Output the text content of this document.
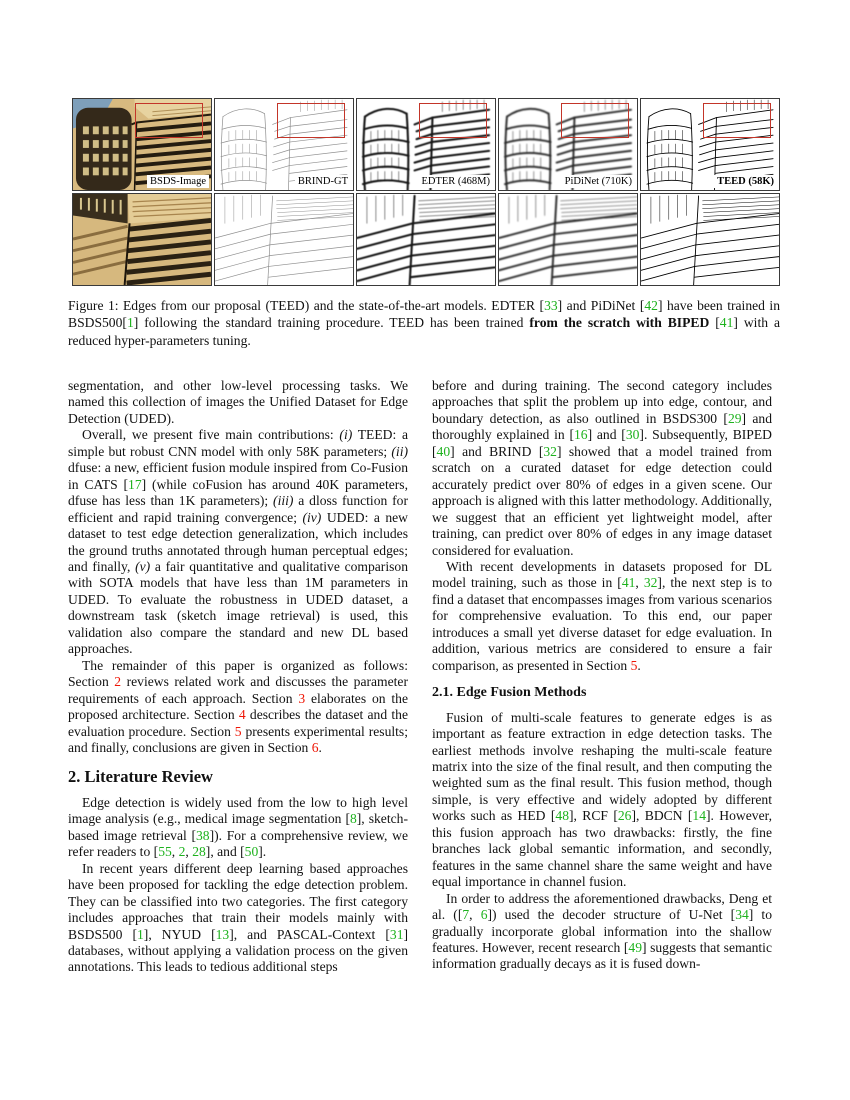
BSDS-Image	BRIND-GT	EDTER (468M)	PiDiNet (710K)	TEED (58K)
Figure 1: Edges from our proposal (TEED) and the state-of-the-art models. EDTER [33] and PiDiNet [42] have been trained in BSDS500[1] following the standard training procedure. TEED has been trained from the scratch with BIPED [41] with a reduced hyper-parameters tuning.

segmentation, and other low-level processing tasks. We named this collection of images the Unified Dataset for Edge Detection (UDED).

Overall, we present five main contributions: (i) TEED: a simple but robust CNN model with only 58K parameters; (ii) dfuse: a new, efficient fusion module inspired from Co-Fusion in CATS [17] (while coFusion has around 40K parameters, dfuse has less than 1K parameters); (iii) a dloss function for efficient and rapid training convergence; (iv) UDED: a new dataset to test edge detection generalization, which includes the ground truths annotated through human perceptual edges; and finally, (v) a fair quantitative and qualitative comparison with SOTA models that have less than 1M parameters in UDED. To evaluate the robustness in UDED dataset, a downstream task (sketch image retrieval) is used, this validation also compare the standard and new DL based approaches.

The remainder of this paper is organized as follows: Section 2 reviews related work and discusses the parameter requirements of each approach. Section 3 elaborates on the proposed architecture. Section 4 describes the dataset and the evaluation procedure. Section 5 presents experimental results; and finally, conclusions are given in Section 6.

2. Literature Review

Edge detection is widely used from the low to high level image analysis (e.g., medical image segmentation [8], sketch-based image retrieval [38]). For a comprehensive review, we refer readers to [55, 2, 28], and [50].

In recent years different deep learning based approaches have been proposed for tackling the edge detection problem. They can be classified into two categories. The first category includes approaches that train their models mainly with BSDS500 [1], NYUD [13], and PASCAL-Context [31] databases, without applying a validation process on the given annotations. This leads to tedious additional steps

before and during training. The second category includes approaches that split the problem up into edge, contour, and boundary detection, as also outlined in BSDS300 [29] and thoroughly explained in [16] and [30]. Subsequently, BIPED [40] and BRIND [32] showed that a model trained from scratch on a curated dataset for edge detection could accurately predict over 80% of edges in a given scene. Our approach is aligned with this latter methodology. Additionally, we suggest that an efficient yet lightweight model, after training, can predict over 80% of edges in any image dataset considered for evaluation.

With recent developments in datasets proposed for DL model training, such as those in [41, 32], the next step is to find a dataset that encompasses images from various scenarios for comprehensive evaluation. To this end, our paper introduces a small yet diverse dataset for edge evaluation. In addition, various metrics are considered to ensure a fair comparison, as presented in Section 5.

2.1. Edge Fusion Methods

Fusion of multi-scale features to generate edges is as important as feature extraction in edge detection tasks. The earliest methods involve reshaping the multi-scale feature matrix into the size of the final result, and then computing the weighted sum as the final result. This fusion method, though simple, is very effective and widely adopted by different works such as HED [48], RCF [26], BDCN [14]. However, this fusion approach has two drawbacks: firstly, the fine branches lack global semantic information, and secondly, features in the same channel share the same weight and have equal importance in channel fusion.

In order to address the aforementioned drawbacks, Deng et al. ([7, 6]) used the decoder structure of U-Net [34] to gradually incorporate global information into the shallow features. However, recent research [49] suggests that semantic information gradually decays as it is fused down-
